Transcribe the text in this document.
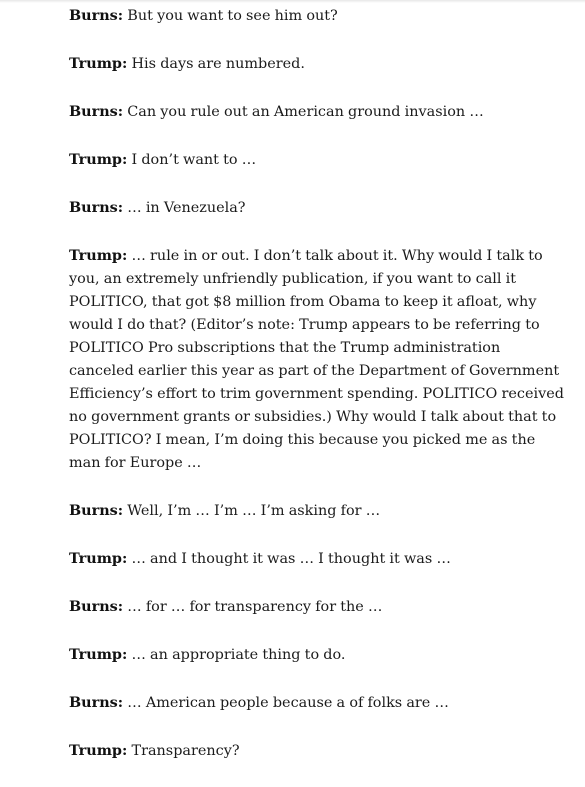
Burns: But you want to see him out?

Trump: His days are numbered.

Burns: Can you rule out an American ground invasion …

Trump: I don’t want to …

Burns: … in Venezuela?

Trump: … rule in or out. I don’t talk about it. Why would I talk to you, an extremely unfriendly publication, if you want to call it POLITICO, that got $8 million from Obama to keep it afloat, why would I do that? (Editor’s note: Trump appears to be referring to POLITICO Pro subscriptions that the Trump administration canceled earlier this year as part of the Department of Government Efficiency’s effort to trim government spending. POLITICO received no government grants or subsidies.) Why would I talk about that to POLITICO? I mean, I’m doing this because you picked me as the man for Europe …

Burns: Well, I’m … I’m … I’m asking for …

Trump: … and I thought it was … I thought it was …

Burns: … for … for transparency for the …

Trump: … an appropriate thing to do.

Burns: … American people because a of folks are …

Trump: Transparency?
